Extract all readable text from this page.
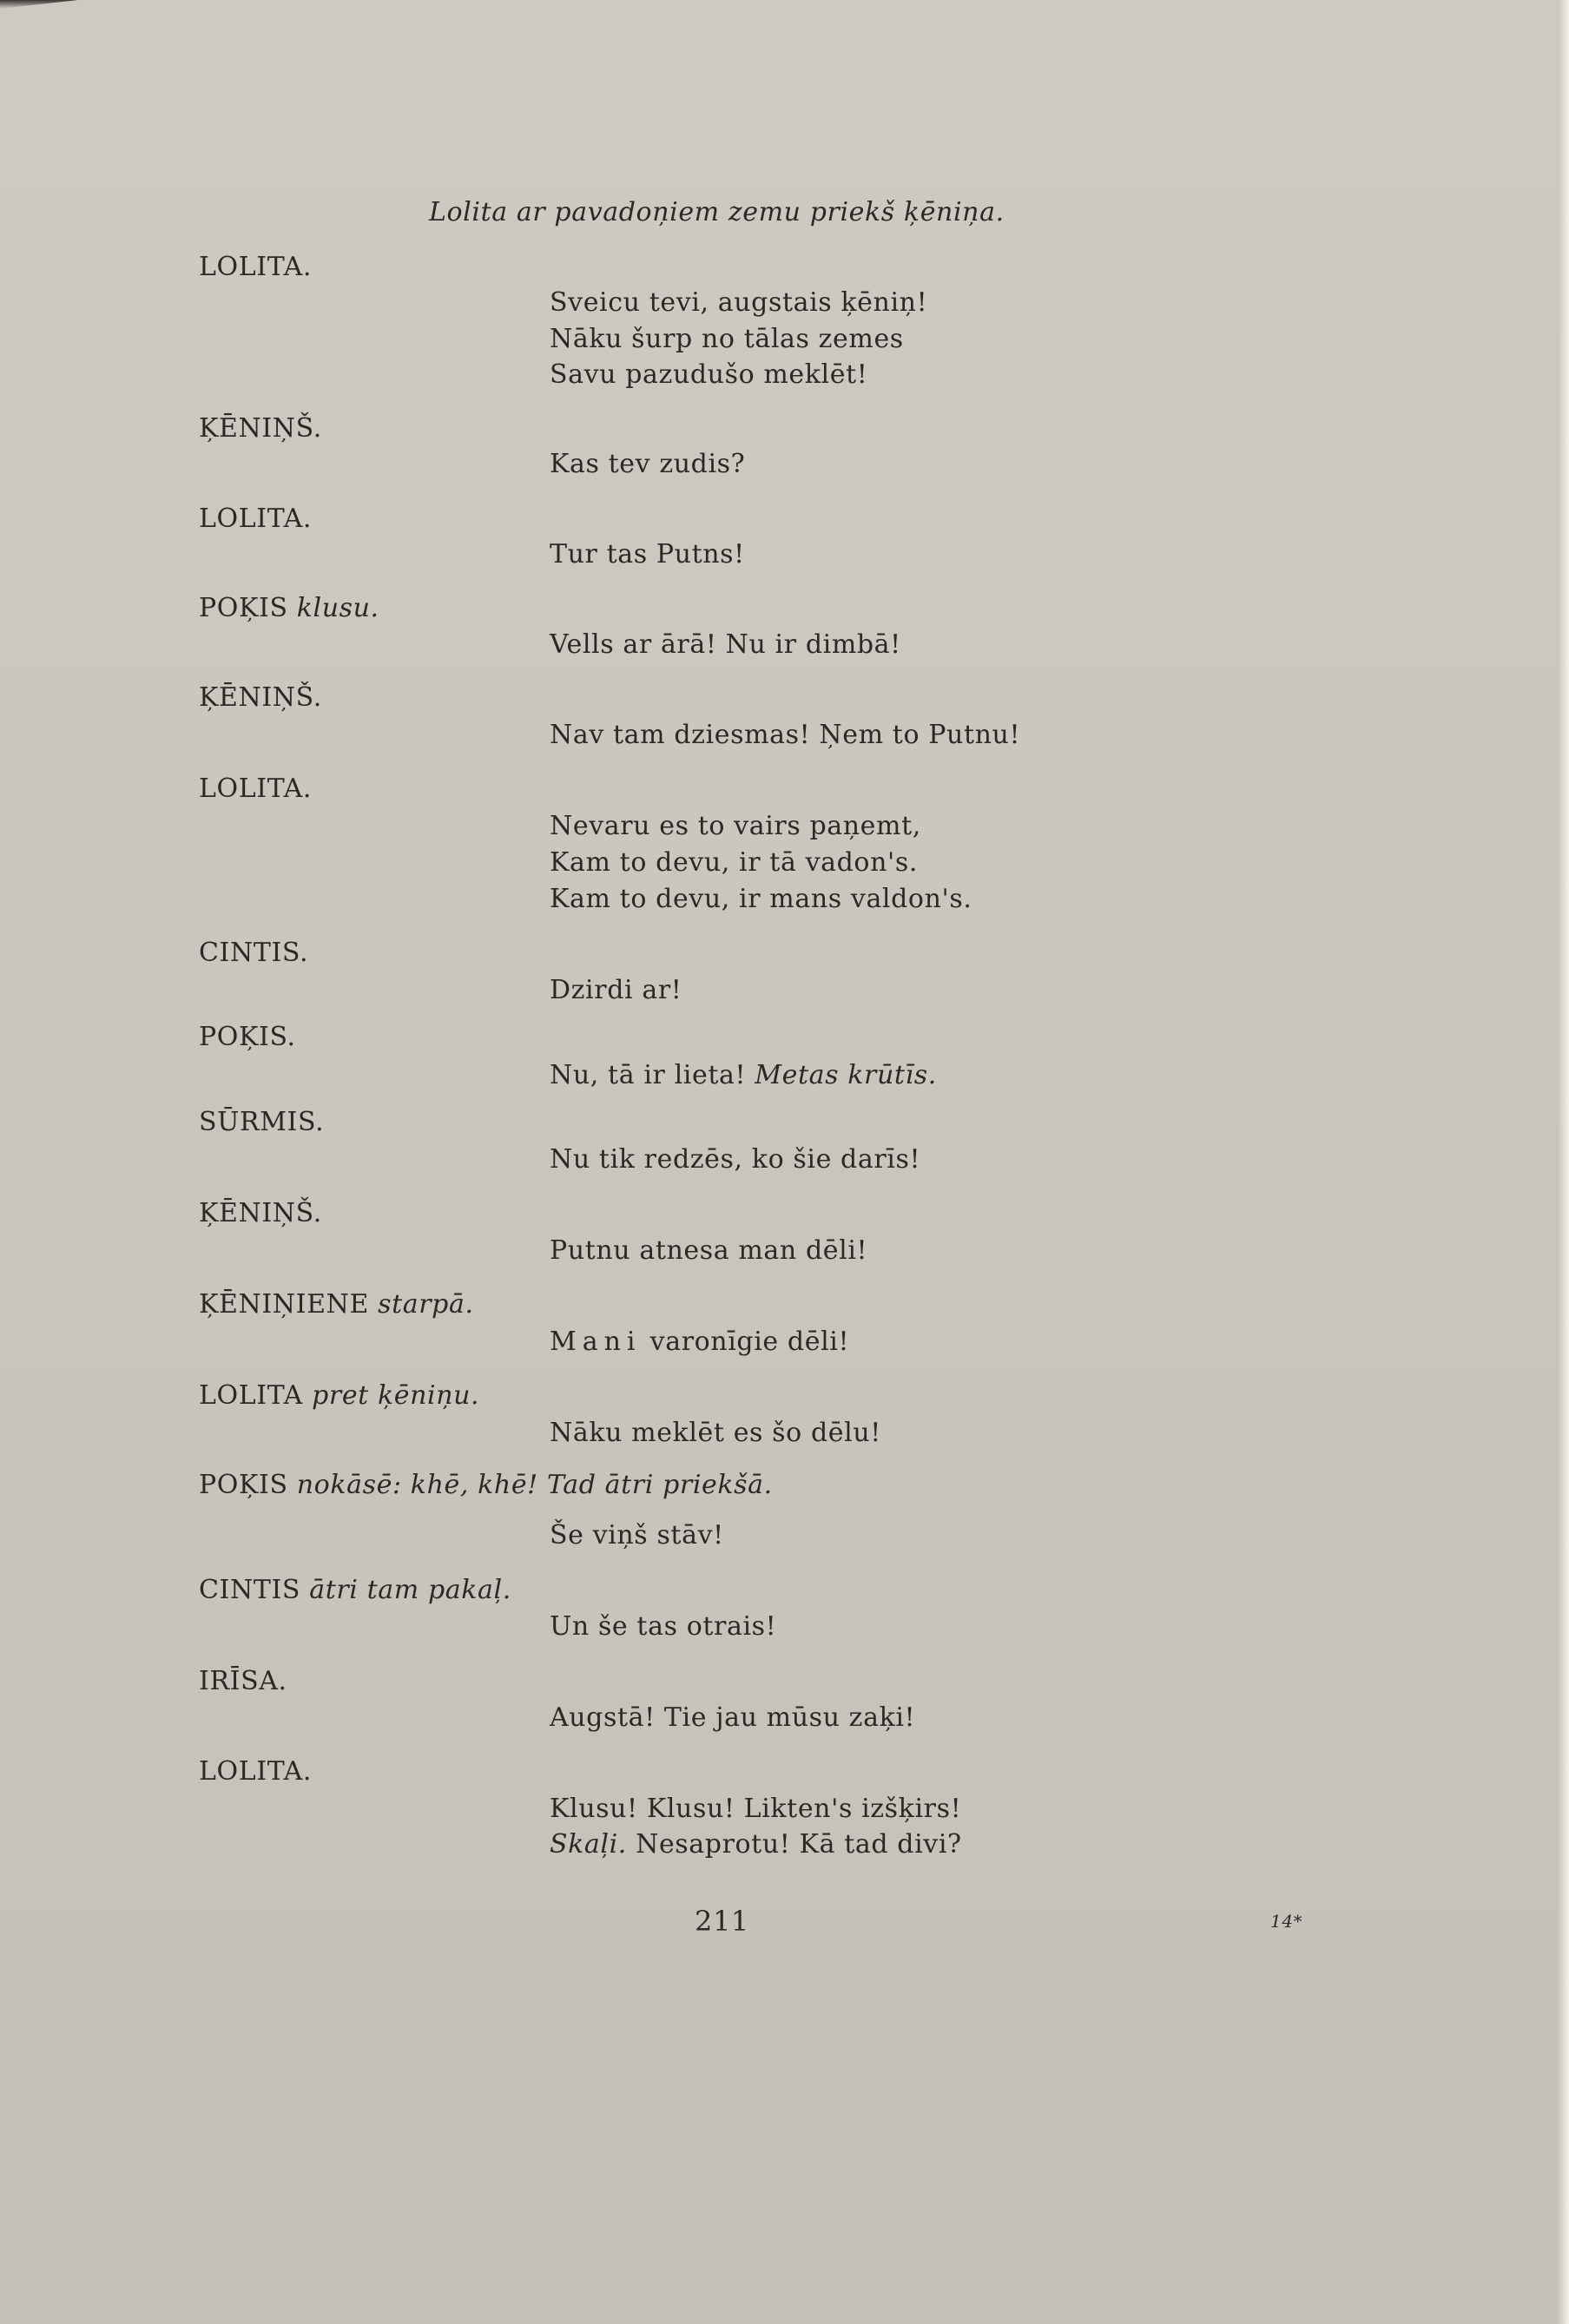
Lolita ar pavadoņiem zemu priekš ķēniņa.
LOLITA.
Sveicu tevi, augstais ķēniņ!
Nāku šurp no tālas zemes
Savu pazudušo meklēt!
ĶĒNIŅŠ.
Kas tev zudis?
LOLITA.
Tur tas Putns!
POĶIS klusu.
Vells ar ārā! Nu ir dimbā!
ĶĒNIŅŠ.
Nav tam dziesmas! Ņem to Putnu!
LOLITA.
Nevaru es to vairs paņemt,
Kam to devu, ir tā vadon's.
Kam to devu, ir mans valdon's.
CINTIS.
Dzirdi ar!
POĶIS.
Nu, tā ir lieta! Metas krūtīs.
SŪRMIS.
Nu tik redzēs, ko šie darīs!
ĶĒNIŅŠ.
Putnu atnesa man dēli!
ĶĒNIŅIENE starpā.
Mani varonīgie dēli!
LOLITA pret ķēniņu.
Nāku meklēt es šo dēlu!
POĶIS nokāsē: khē, khē! Tad ātri priekšā.
Še viņš stāv!
CINTIS ātri tam pakaļ.
Un še tas otrais!
IRĪSA.
Augstā! Tie jau mūsu zaķi!
LOLITA.
Klusu! Klusu! Likten's izšķirs!
Skaļi. Nesaprotu! Kā tad divi?
211	14*
